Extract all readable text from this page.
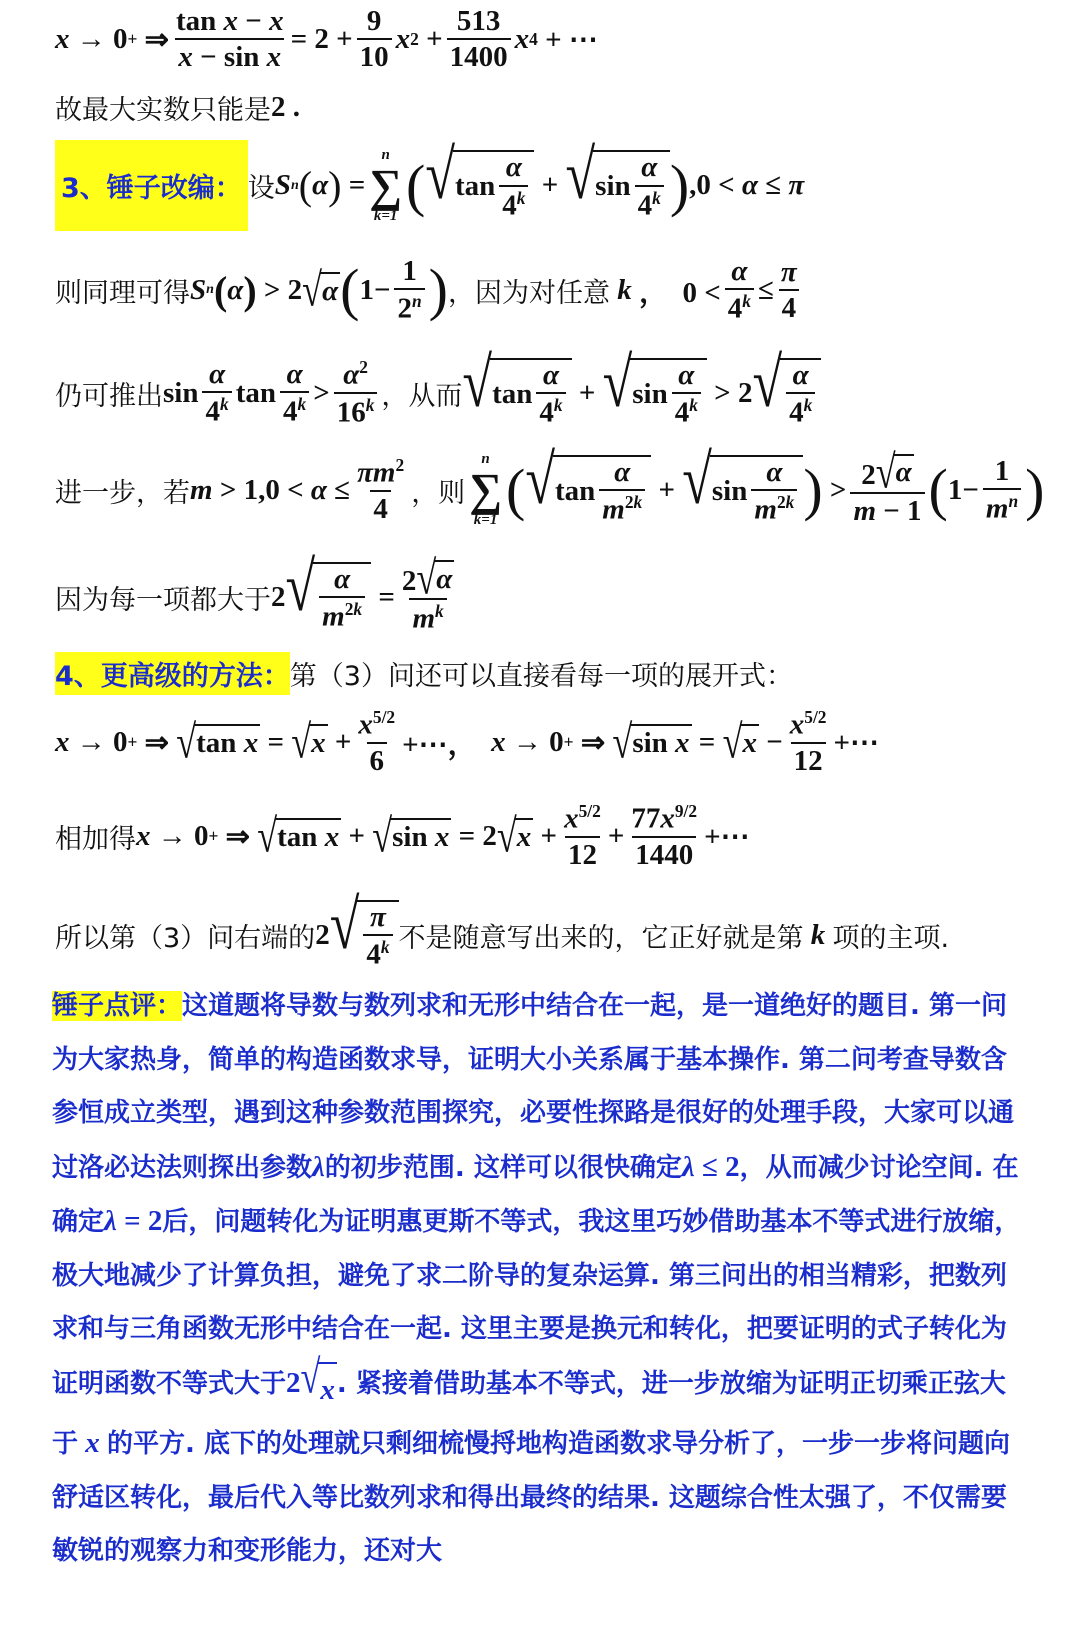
x → 0 + ⇒ $\frac{\text{tan x − x}}{\text{x − sin x}} = 2 + \frac{9}{10}$ x $2 + \frac{513}{1400}$ x 4 + ⋯
故最大实数只能是 2 .
3、锤子改编： 设 S n ( α ) =
n
∑
k=1 ( √ $\tan \frac{\alpha}{4^k}$ + √ $\sin \frac{\alpha}{4^k}$ ) ,0 < α ≤ π
则同理可得 S n ( α ) > 2 √ α ( $1- \frac{1}{2^n}$ ) ，因为对任意
k ，  $0 < \frac{\alpha}{4^k} \le \frac{\pi}{4}$
仍可推出 $\sin \frac{\alpha}{4^k}$ $\tan \frac{\alpha}{4^k} > \frac{\alpha^2}{16^k}$ ，从而 √ $\tan \frac{\alpha}{4^k}$ + √ $\sin \frac{\alpha}{4^k} > 2$ √ $\frac{\alpha}{4^k}$
进一步，若 $m > 1,0 < \alpha \le \frac{\pi m^2}{4}$ ，则
n
∑
k=1 ( √ $\tan \frac{\alpha}{m^{2k}}$ + √ $\sin \frac{\alpha}{m^{2k}}$ ) > $\frac{2 √ \alpha}{m - 1}$ ( $1- \frac{1}{m^n}$ )
因为每一项都大于 2 √ $\frac{\alpha}{m^{2k}} = \frac{2 √ \alpha}{m^k}$
4、更高级的方法： 第（3）问还可以直接看每一项的展开式：
x → 0 + ⇒ √ tan x = √ $x + \frac{x^{5/2}}{6}$ +⋯， x → 0 + ⇒ √ sin x = √ $x - \frac{x^{5/2}}{12}$ +⋯
相加得 x → 0 + ⇒ √ tan x + √ sin x = 2 √ $x + \frac{x^{5/2}}{12} + \frac{77x^{9/2}}{1440}$ +⋯
所以第（3）问右端的 2 √ $\frac{\pi}{4^k}$ 不是随意写出来的，它正好就是第 k 项的主项.
锤子点评：这道题将导数与数列求和无形中结合在一起，是一道绝好的题目. 第一问为大家热身，简单的构造函数求导，证明大小关系属于基本操作. 第二问考查导数含参恒成立类型，遇到这种参数范围探究，必要性探路是很好的处理手段，大家可以通过洛必达法则探出参数λ的初步范围. 这样可以很快确定λ ≤ 2，从而减少讨论空间. 在确定λ = 2后，问题转化为证明惠更斯不等式，我这里巧妙借助基本不等式进行放缩，极大地减少了计算负担，避免了求二阶导的复杂运算. 第三问出的相当精彩，把数列求和与三角函数无形中结合在一起. 这里主要是换元和转化，把要证明的式子转化为证明函数不等式大于2 √ x . 紧接着借助基本不等式，进一步放缩为证明正切乘正弦大于 x 的平方. 底下的处理就只剩细梳慢捋地构造函数求导分析了，一步一步将问题向舒适区转化，最后代入等比数列求和得出最终的结果. 这题综合性太强了，不仅需要敏锐的观察力和变形能力，还对大
